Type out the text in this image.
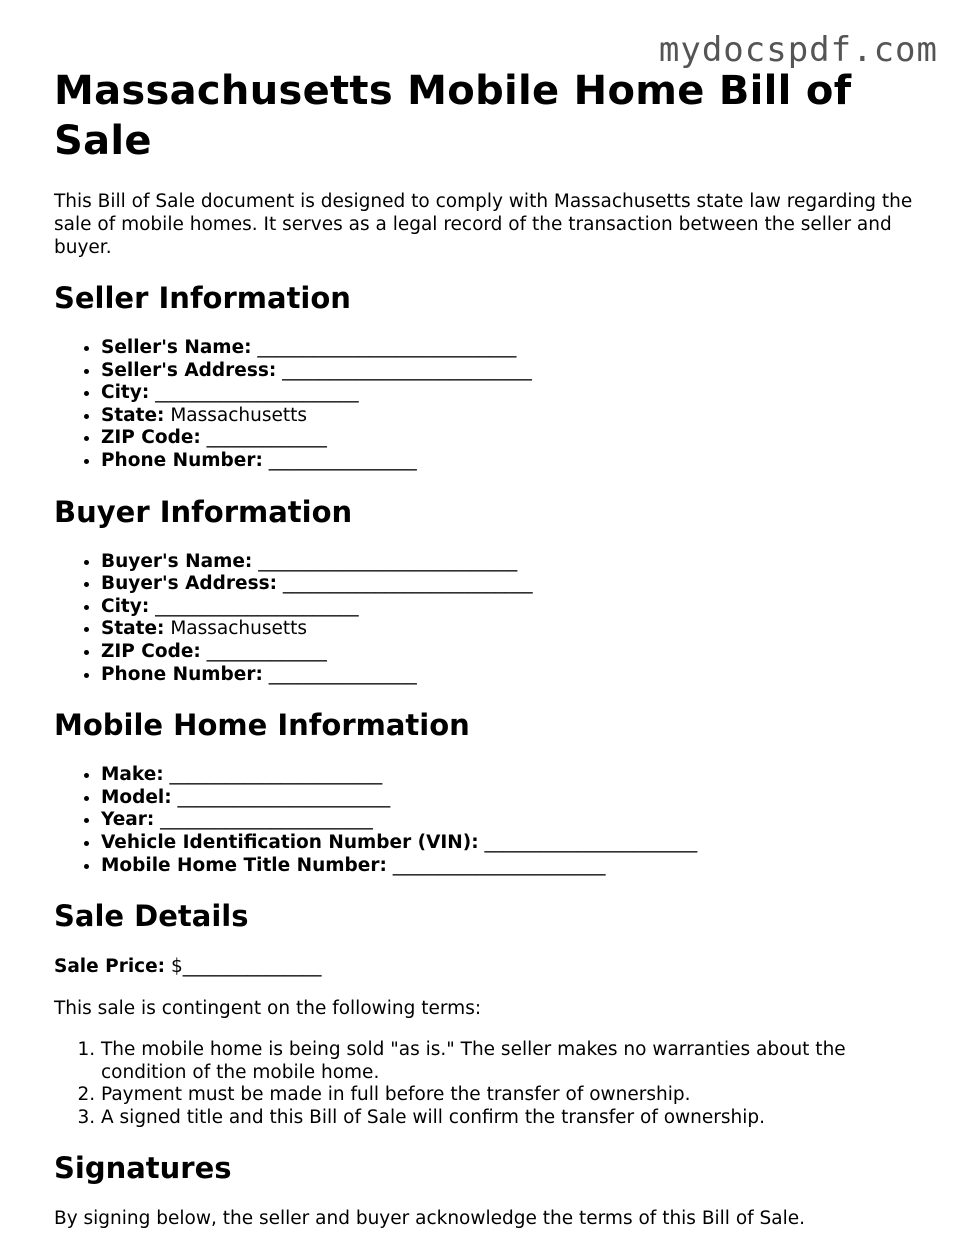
mydocspdf.com
Massachusetts Mobile Home Bill of Sale

This Bill of Sale document is designed to comply with Massachusetts state law regarding the sale of mobile homes. It serves as a legal record of the transaction between the seller and buyer.

Seller Information
• Seller's Name: ____________________________
• Seller's Address: ___________________________
• City: ______________________
• State: Massachusetts
• ZIP Code: _____________
• Phone Number: ________________
Buyer Information
• Buyer's Name: ____________________________
• Buyer's Address: ___________________________
• City: ______________________
• State: Massachusetts
• ZIP Code: _____________
• Phone Number: ________________
Mobile Home Information
• Make: _______________________
• Model: _______________________
• Year: _______________________
• Vehicle Identification Number (VIN): _______________________
• Mobile Home Title Number: _______________________
Sale Details

Sale Price: $_______________

This sale is contingent on the following terms:

1. The mobile home is being sold "as is." The seller makes no warranties about the condition of the mobile home.
2. Payment must be made in full before the transfer of ownership.
3. A signed title and this Bill of Sale will confirm the transfer of ownership.
Signatures

By signing below, the seller and buyer acknowledge the terms of this Bill of Sale.
